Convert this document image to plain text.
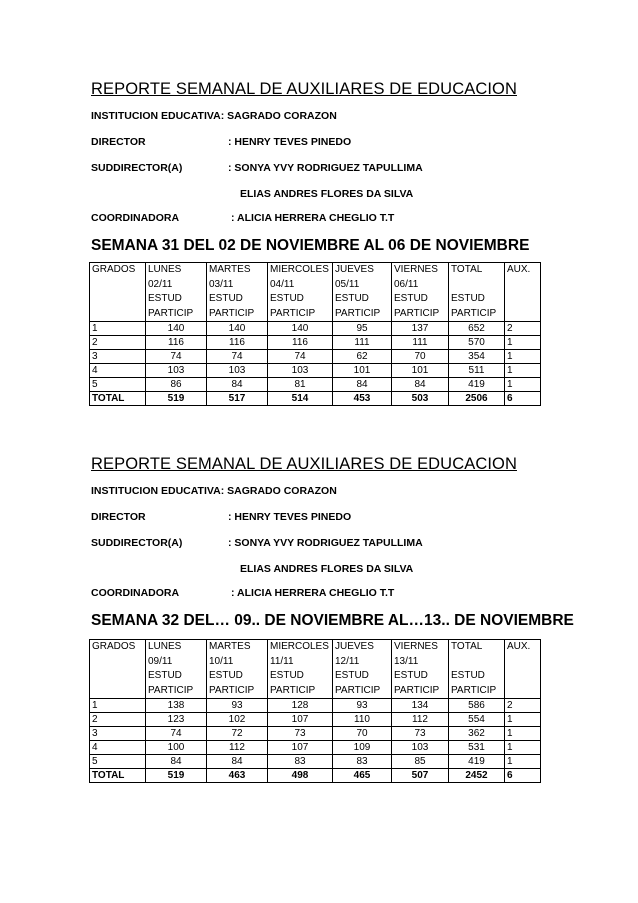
REPORTE SEMANAL DE AUXILIARES DE EDUCACION
INSTITUCION EDUCATIVA: SAGRADO CORAZON
DIRECTOR	: HENRY TEVES PINEDO
SUDDIRECTOR(A)	: SONYA YVY RODRIGUEZ TAPULLIMA
ELIAS ANDRES FLORES DA SILVA
COORDINADORA	: ALICIA HERRERA CHEGLIO T.T
SEMANA 31 DEL 02 DE NOVIEMBRE AL 06 DE NOVIEMBRE
GRADOS	LUNES
02/11
ESTUD
PARTICIP	MARTES
03/11
ESTUD
PARTICIP	MIERCOLES
04/11
ESTUD
PARTICIP	JUEVES
05/11
ESTUD
PARTICIP	VIERNES
06/11
ESTUD
PARTICIP	TOTAL

ESTUD
PARTICIP	AUX.
1	140	140	140	95	137	652	2
2	116	116	116	111	111	570	1
3	74	74	74	62	70	354	1
4	103	103	103	101	101	511	1
5	86	84	81	84	84	419	1
TOTAL	519	517	514	453	503	2506	6
REPORTE SEMANAL DE AUXILIARES DE EDUCACION
INSTITUCION EDUCATIVA: SAGRADO CORAZON
DIRECTOR	: HENRY TEVES PINEDO
SUDDIRECTOR(A)	: SONYA YVY RODRIGUEZ TAPULLIMA
ELIAS ANDRES FLORES DA SILVA
COORDINADORA	: ALICIA HERRERA CHEGLIO T.T
SEMANA 32 DEL… 09.. DE NOVIEMBRE AL…13.. DE NOVIEMBRE
GRADOS	LUNES
09/11
ESTUD
PARTICIP	MARTES
10/11
ESTUD
PARTICIP	MIERCOLES
11/11
ESTUD
PARTICIP	JUEVES
12/11
ESTUD
PARTICIP	VIERNES
13/11
ESTUD
PARTICIP	TOTAL

ESTUD
PARTICIP	AUX.
1	138	93	128	93	134	586	2
2	123	102	107	110	112	554	1
3	74	72	73	70	73	362	1
4	100	112	107	109	103	531	1
5	84	84	83	83	85	419	1
TOTAL	519	463	498	465	507	2452	6
